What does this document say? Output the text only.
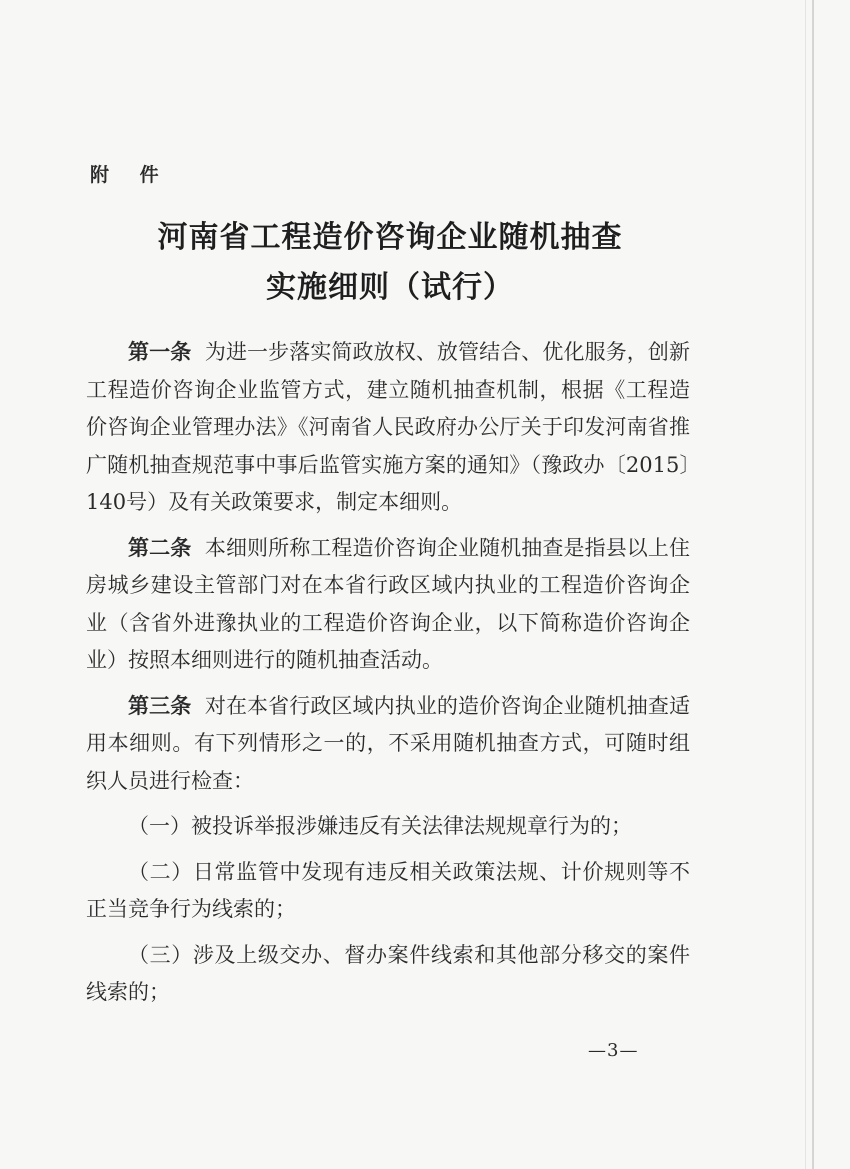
附 件
河南省工程造价咨询企业随机抽查
实施细则（试行）

第一条 为进一步落实简政放权、放管结合、优化服务，创新工程造价咨询企业监管方式，建立随机抽查机制，根据《工程造价咨询企业管理办法》《河南省人民政府办公厅关于印发河南省推广随机抽查规范事中事后监管实施方案的通知》（豫政办〔2015〕140号）及有关政策要求，制定本细则。

第二条 本细则所称工程造价咨询企业随机抽查是指县以上住房城乡建设主管部门对在本省行政区域内执业的工程造价咨询企业（含省外进豫执业的工程造价咨询企业，以下简称造价咨询企业）按照本细则进行的随机抽查活动。

第三条 对在本省行政区域内执业的造价咨询企业随机抽查适用本细则。有下列情形之一的，不采用随机抽查方式，可随时组织人员进行检查：

（一）被投诉举报涉嫌违反有关法律法规规章行为的；

（二）日常监管中发现有违反相关政策法规、计价规则等不正当竞争行为线索的；

（三）涉及上级交办、督办案件线索和其他部分移交的案件线索的；

—3—
